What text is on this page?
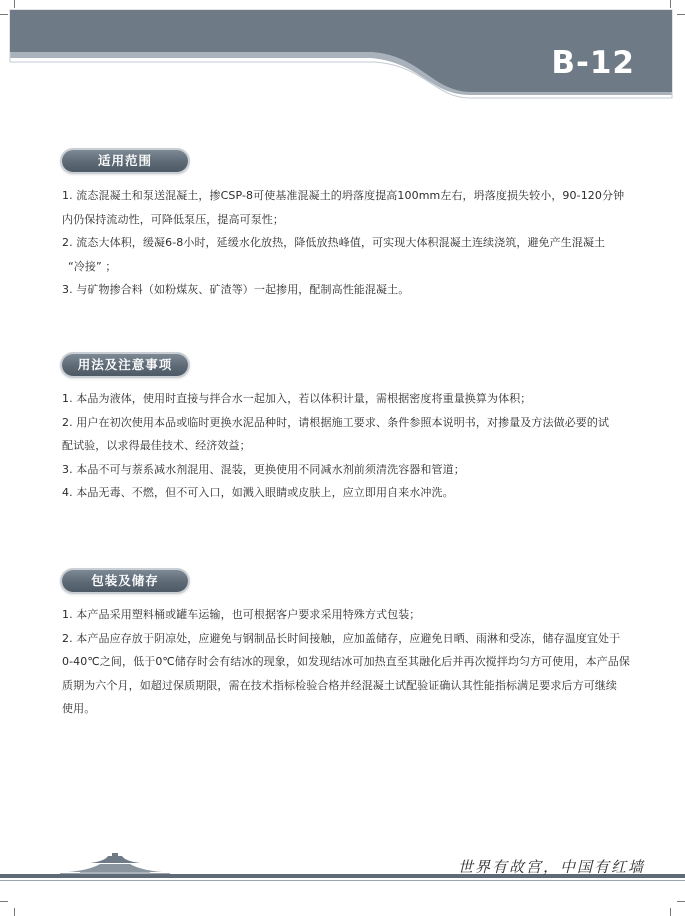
B-12
适用范围
1. 流态混凝土和泵送混凝土，掺CSP-8可使基准混凝土的坍落度提高100mm左右，坍落度损失较小，90-120分钟
内仍保持流动性，可降低泵压，提高可泵性；
2. 流态大体积，缓凝6-8小时，延缓水化放热，降低放热峰值，可实现大体积混凝土连续浇筑，避免产生混凝土
“冷接” ；
3. 与矿物掺合料（如粉煤灰、矿渣等）一起掺用，配制高性能混凝土。
用法及注意事项
1. 本品为液体，使用时直接与拌合水一起加入，若以体积计量，需根据密度将重量换算为体积；
2. 用户在初次使用本品或临时更换水泥品种时，请根据施工要求、条件参照本说明书，对掺量及方法做必要的试
配试验，以求得最佳技术、经济效益；
3. 本品不可与萘系减水剂混用、混装，更换使用不同减水剂前须清洗容器和管道；
4. 本品无毒、不燃，但不可入口，如溅入眼睛或皮肤上，应立即用自来水冲洗。
包装及储存
1. 本产品采用塑料桶或罐车运输，也可根据客户要求采用特殊方式包装；
2. 本产品应存放于阴凉处，应避免与钢制品长时间接触，应加盖储存，应避免日晒、雨淋和受冻，储存温度宜处于
0-40℃之间，低于0℃储存时会有结冰的现象，如发现结冰可加热直至其融化后并再次搅拌均匀方可使用，本产品保
质期为六个月，如超过保质期限，需在技术指标检验合格并经混凝土试配验证确认其性能指标满足要求后方可继续
使用。
世界有故宫，中国有红墙
